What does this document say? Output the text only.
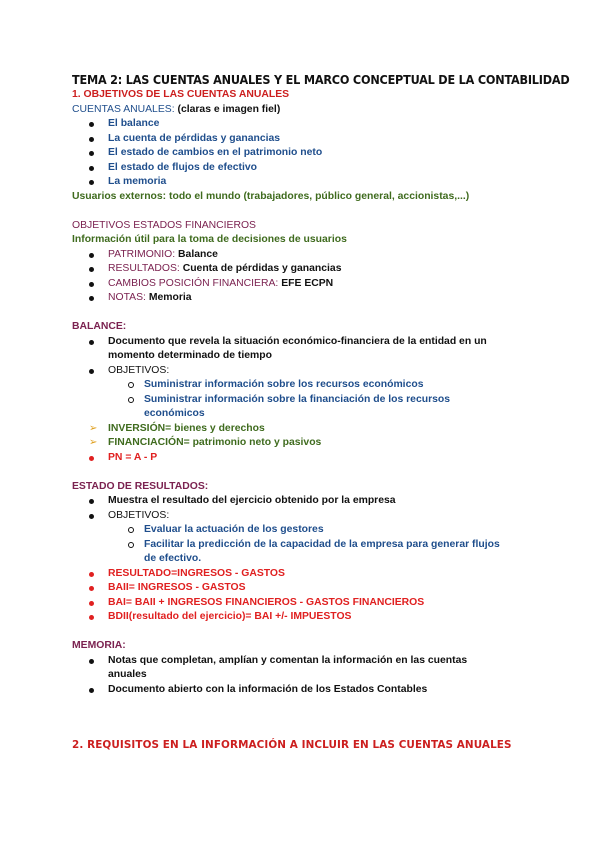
TEMA 2: LAS CUENTAS ANUALES Y EL MARCO CONCEPTUAL DE LA CONTABILIDAD
1. OBJETIVOS DE LAS CUENTAS ANUALES
CUENTAS ANUALES: (claras e imagen fiel)
El balance
La cuenta de pérdidas y ganancias
El estado de cambios en el patrimonio neto
El estado de flujos de efectivo
La memoria
Usuarios externos: todo el mundo (trabajadores, público general, accionistas,...)
OBJETIVOS ESTADOS FINANCIEROS
Información útil para la toma de decisiones de usuarios
PATRIMONIO: Balance
RESULTADOS: Cuenta de pérdidas y ganancias
CAMBIOS POSICIÓN FINANCIERA: EFE ECPN
NOTAS: Memoria
BALANCE:
Documento que revela la situación económico-financiera de la entidad en un
momento determinado de tiempo
OBJETIVOS:
Suministrar información sobre los recursos económicos
Suministrar información sobre la financiación de los recursos
económicos
➢	INVERSIÓN= bienes y derechos
➢	FINANCIACIÓN= patrimonio neto y pasivos
PN = A - P
ESTADO DE RESULTADOS:
Muestra el resultado del ejercicio obtenido por la empresa
OBJETIVOS:
Evaluar la actuación de los gestores
Facilitar la predicción de la capacidad de la empresa para generar flujos
de efectivo.
RESULTADO=INGRESOS - GASTOS
BAII= INGRESOS - GASTOS
BAI= BAII + INGRESOS FINANCIEROS - GASTOS FINANCIEROS
BDII(resultado del ejercicio)= BAI +/- IMPUESTOS
MEMORIA:
Notas que completan, amplían y comentan la información en las cuentas
anuales
Documento abierto con la información de los Estados Contables
2. REQUISITOS EN LA INFORMACIÓN A INCLUIR EN LAS CUENTAS ANUALES
